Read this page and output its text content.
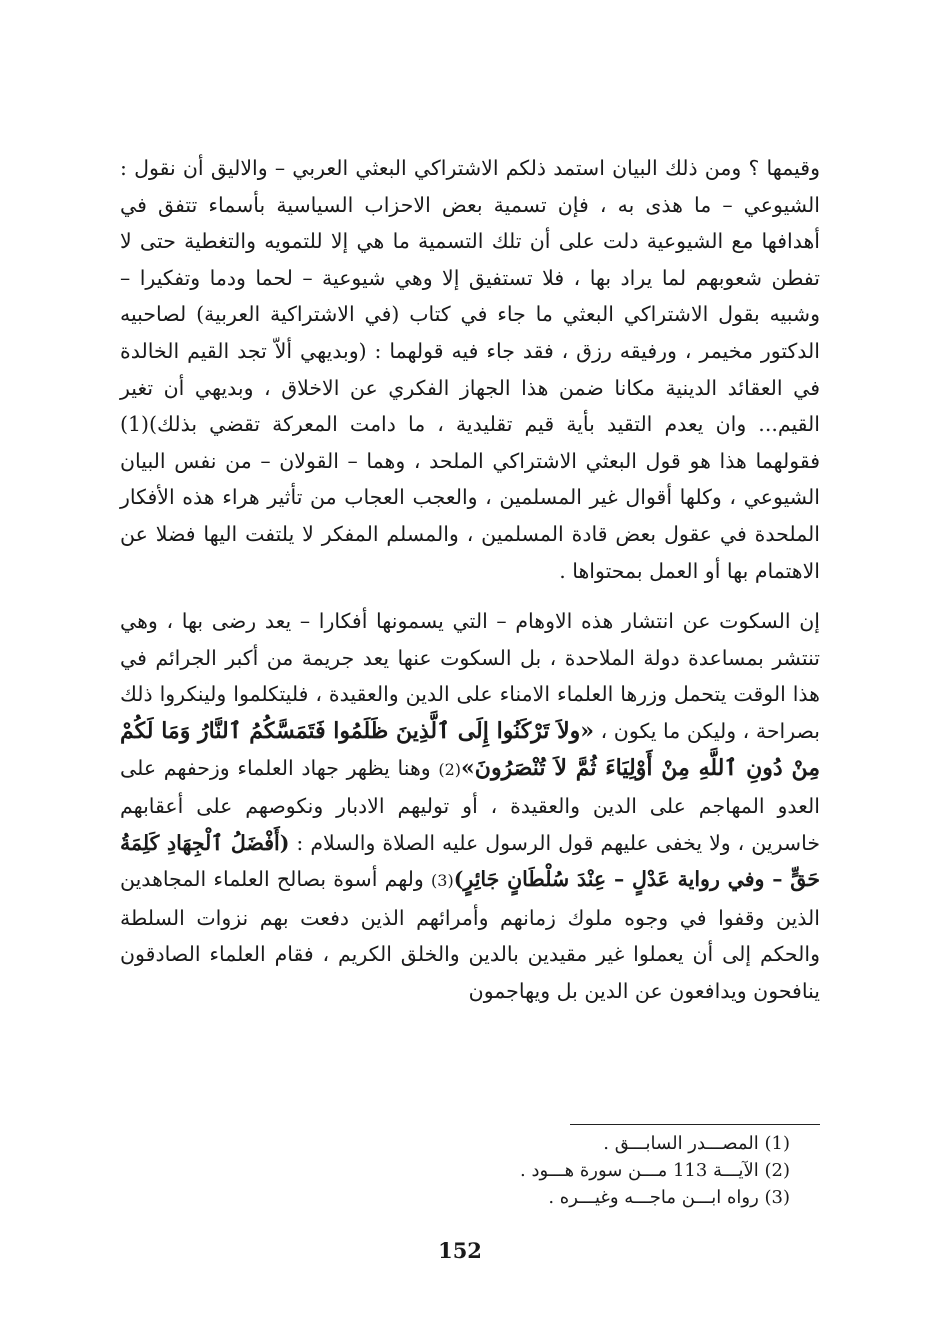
وقيمها ؟ ومن ذلك البيان استمد ذلكم الاشتراكي البعثي العربي – والاليق أن نقول : الشيوعي – ما هذى به ، فإن تسمية بعض الاحزاب السياسية بأسماء تتفق في أهدافها مع الشيوعية دلت على أن تلك التسمية ما هي إلا للتمويه والتغطية حتى لا تفطن شعوبهم لما يراد بها ، فلا تستفيق إلا وهي شيوعية – لحما ودما وتفكيرا – وشبيه بقول الاشتراكي البعثي ما جاء في كتاب (في الاشتراكية العربية) لصاحبيه الدكتور مخيمر ، ورفيقه رزق ، فقد جاء فيه قولهما : (وبديهي ألاّ تجد القيم الخالدة في العقائد الدينية مكانا ضمن هذا الجهاز الفكري عن الاخلاق ، وبديهي أن تغير القيم... وان يعدم التقيد بأية قيم تقليدية ، ما دامت المعركة تقضي بذلك)(1) فقولهما هذا هو قول البعثي الاشتراكي الملحد ، وهما – القولان – من نفس البيان الشيوعي ، وكلها أقوال غير المسلمين ، والعجب العجاب من تأثير هراء هذه الأفكار الملحدة في عقول بعض قادة المسلمين ، والمسلم المفكر لا يلتفت اليها فضلا عن الاهتمام بها أو العمل بمحتواها .

إن السكوت عن انتشار هذه الاوهام – التي يسمونها أفكارا – يعد رضى بها ، وهي تنتشر بمساعدة دولة الملاحدة ، بل السكوت عنها يعد جريمة من أكبر الجرائم في هذا الوقت يتحمل وزرها العلماء الامناء على الدين والعقيدة ، فليتكلموا ولينكروا ذلك بصراحة ، وليكن ما يكون ، «ولاَ تَرْكَنُوا إِلَى ٱلَّذِينَ ظَلَمُوا فَتَمَسَّكُمُ ٱلنَّارُ وَمَا لَكُمْ مِنْ دُونِ ٱللَّهِ مِنْ أَوْلِيَاءَ ثُمَّ لاَ تُنْصَرُونَ»(2) وهنا يظهر جهاد العلماء وزحفهم على العدو المهاجم على الدين والعقيدة ، أو توليهم الادبار ونكوصهم على أعقابهم خاسرين ، ولا يخفى عليهم قول الرسول عليه الصلاة والسلام : (أَفْضَلُ ٱلْجِهَادِ كَلِمَةُ حَقٍّ – وفي رواية عَدْلٍ – عِنْدَ سُلْطَانٍ جَائِرٍ)(3) ولهم أسوة بصالح العلماء المجاهدين الذين وقفوا في وجوه ملوك زمانهم وأمرائهم الذين دفعت بهم نزوات السلطة والحكم إلى أن يعملوا غير مقيدين بالدين والخلق الكريم ، فقام العلماء الصادقون ينافحون ويدافعون عن الدين بل ويهاجمون

(1) المصـــدر السابـــق .

(2) الآيـــة 113 مـــن سورة هـــود .

(3) رواه ابـــن ماجـــه وغيـــره .

152
